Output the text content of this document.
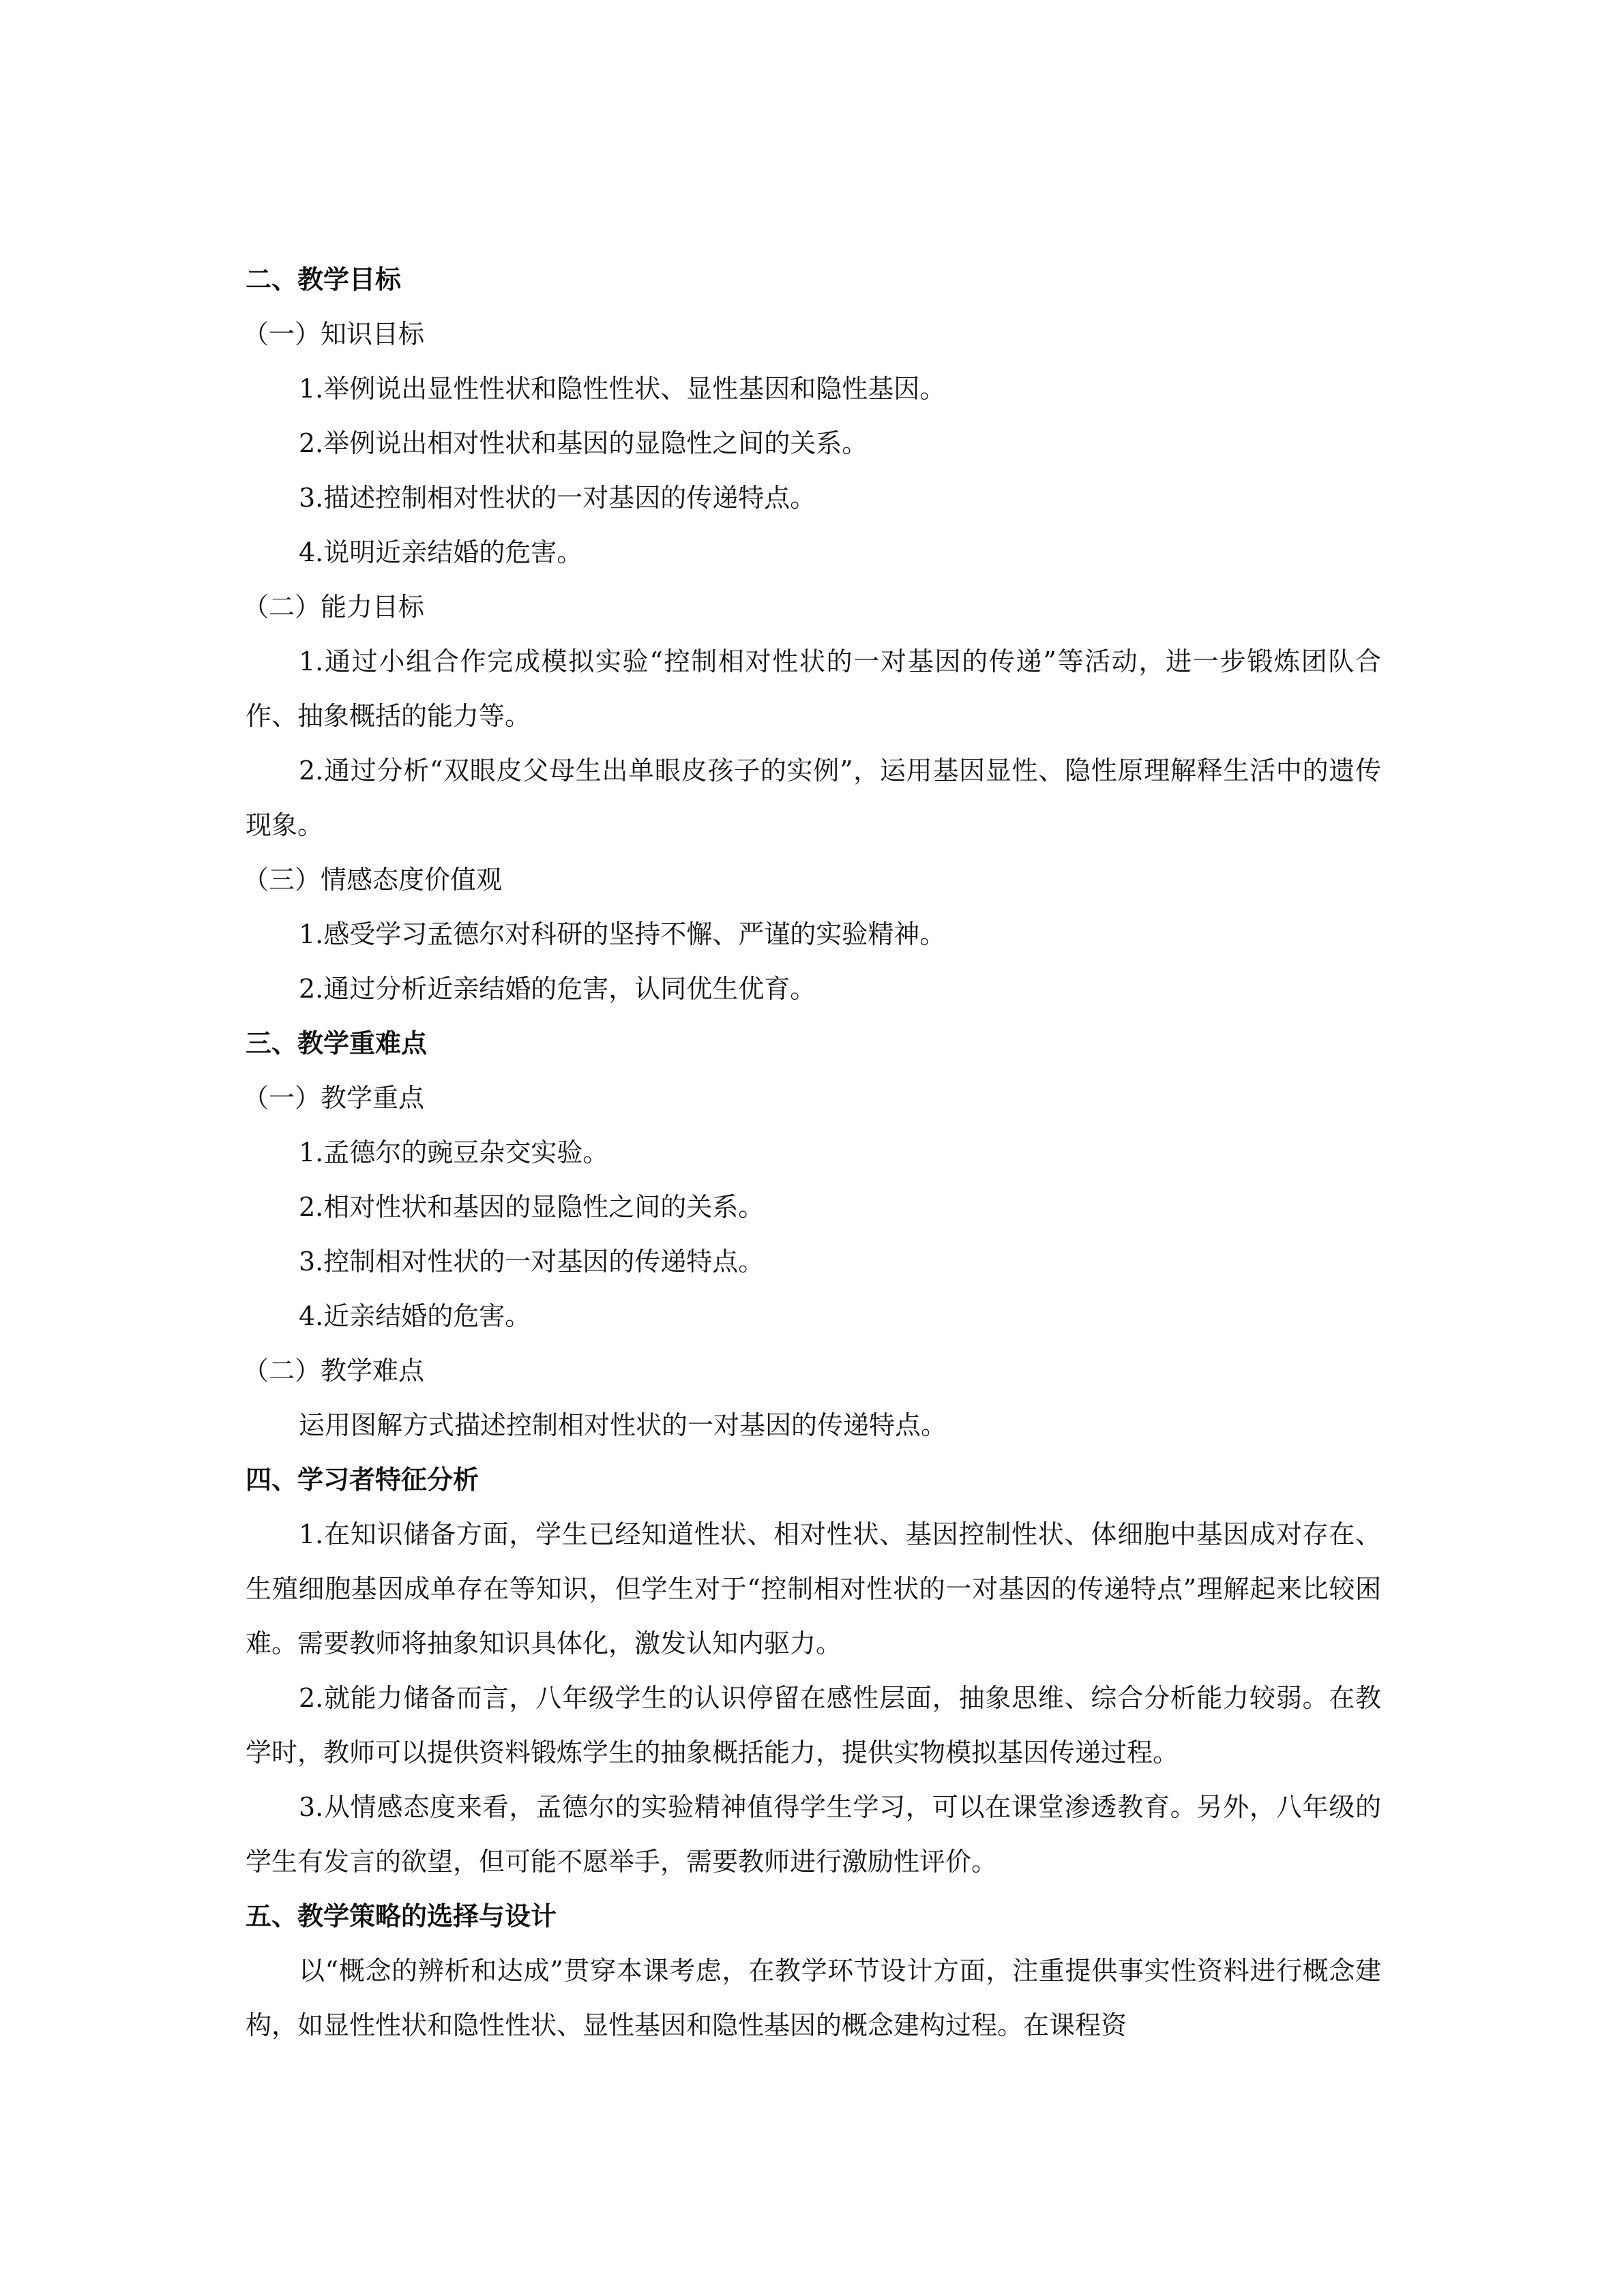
二、教学目标
（一）知识目标
1.举例说出显性性状和隐性性状、显性基因和隐性基因。
2.举例说出相对性状和基因的显隐性之间的关系。
3.描述控制相对性状的一对基因的传递特点。
4.说明近亲结婚的危害。
（二）能力目标
1.通过小组合作完成模拟实验“控制相对性状的一对基因的传递”等活动，进一步锻炼团队合作、抽象概括的能力等。
2.通过分析“双眼皮父母生出单眼皮孩子的实例”，运用基因显性、隐性原理解释生活中的遗传现象。
（三）情感态度价值观
1.感受学习孟德尔对科研的坚持不懈、严谨的实验精神。
2.通过分析近亲结婚的危害，认同优生优育。
三、教学重难点
（一）教学重点
1.孟德尔的豌豆杂交实验。
2.相对性状和基因的显隐性之间的关系。
3.控制相对性状的一对基因的传递特点。
4.近亲结婚的危害。
（二）教学难点
运用图解方式描述控制相对性状的一对基因的传递特点。
四、学习者特征分析
1.在知识储备方面，学生已经知道性状、相对性状、基因控制性状、体细胞中基因成对存在、生殖细胞基因成单存在等知识，但学生对于“控制相对性状的一对基因的传递特点”理解起来比较困难。需要教师将抽象知识具体化，激发认知内驱力。
2.就能力储备而言，八年级学生的认识停留在感性层面，抽象思维、综合分析能力较弱。在教学时，教师可以提供资料锻炼学生的抽象概括能力，提供实物模拟基因传递过程。
3.从情感态度来看，孟德尔的实验精神值得学生学习，可以在课堂渗透教育。另外，八年级的学生有发言的欲望，但可能不愿举手，需要教师进行激励性评价。
五、教学策略的选择与设计
以“概念的辨析和达成”贯穿本课考虑，在教学环节设计方面，注重提供事实性资料进行概念建构，如显性性状和隐性性状、显性基因和隐性基因的概念建构过程。在课程资
